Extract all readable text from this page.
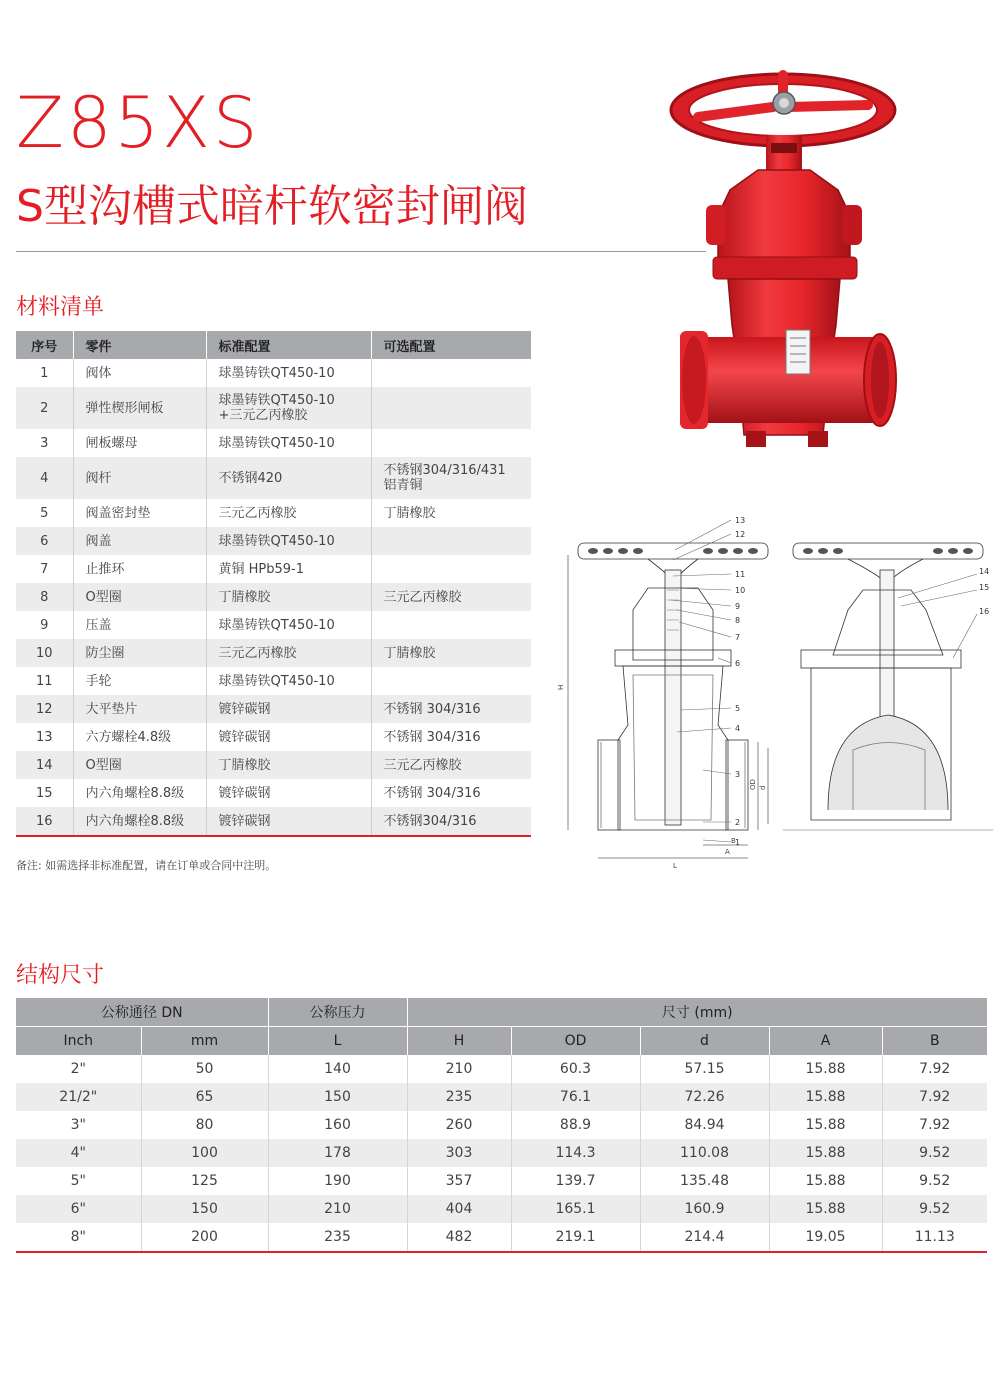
Z85XS
S型沟槽式暗杆软密封闸阀
材料清单
序号	零件	标准配置	可选配置
1	阀体	球墨铸铁QT450-10	

2	弹性楔形闸板	球墨铸铁QT450-10
+三元乙丙橡胶	

3	闸板螺母	球墨铸铁QT450-10	

4	阀杆	不锈钢420	不锈钢304/316/431
铝青铜

5	阀盖密封垫	三元乙丙橡胶	丁腈橡胶

6	阀盖	球墨铸铁QT450-10	

7	止推环	黄铜 HPb59-1	

8	O型圈	丁腈橡胶	三元乙丙橡胶

9	压盖	球墨铸铁QT450-10	

10	防尘圈	三元乙丙橡胶	丁腈橡胶

11	手轮	球墨铸铁QT450-10	

12	大平垫片	镀锌碳钢	不锈钢 304/316

13	六方螺栓4.8级	镀锌碳钢	不锈钢 304/316

14	O型圈	丁腈橡胶	三元乙丙橡胶

15	内六角螺栓8.8级	镀锌碳钢	不锈钢 304/316

16	内六角螺栓8.8级	镀锌碳钢	不锈钢304/316

备注: 如需选择非标准配置，请在订单或合同中注明。

13
12
11
10
9
8
7
6
5
4
3
2
1
14
15
16
H
OD d
A
B
L
结构尺寸
公称通径 DN		公称压力	尺寸 (mm)				
Inch	mm	L	H	OD	d	A	B
2"	50	140	210	60.3	57.15	15.88	7.92
21/2"	65	150	235	76.1	72.26	15.88	7.92
3"	80	160	260	88.9	84.94	15.88	7.92
4"	100	178	303	114.3	110.08	15.88	9.52
5"	125	190	357	139.7	135.48	15.88	9.52
6"	150	210	404	165.1	160.9	15.88	9.52
8"	200	235	482	219.1	214.4	19.05	11.13
